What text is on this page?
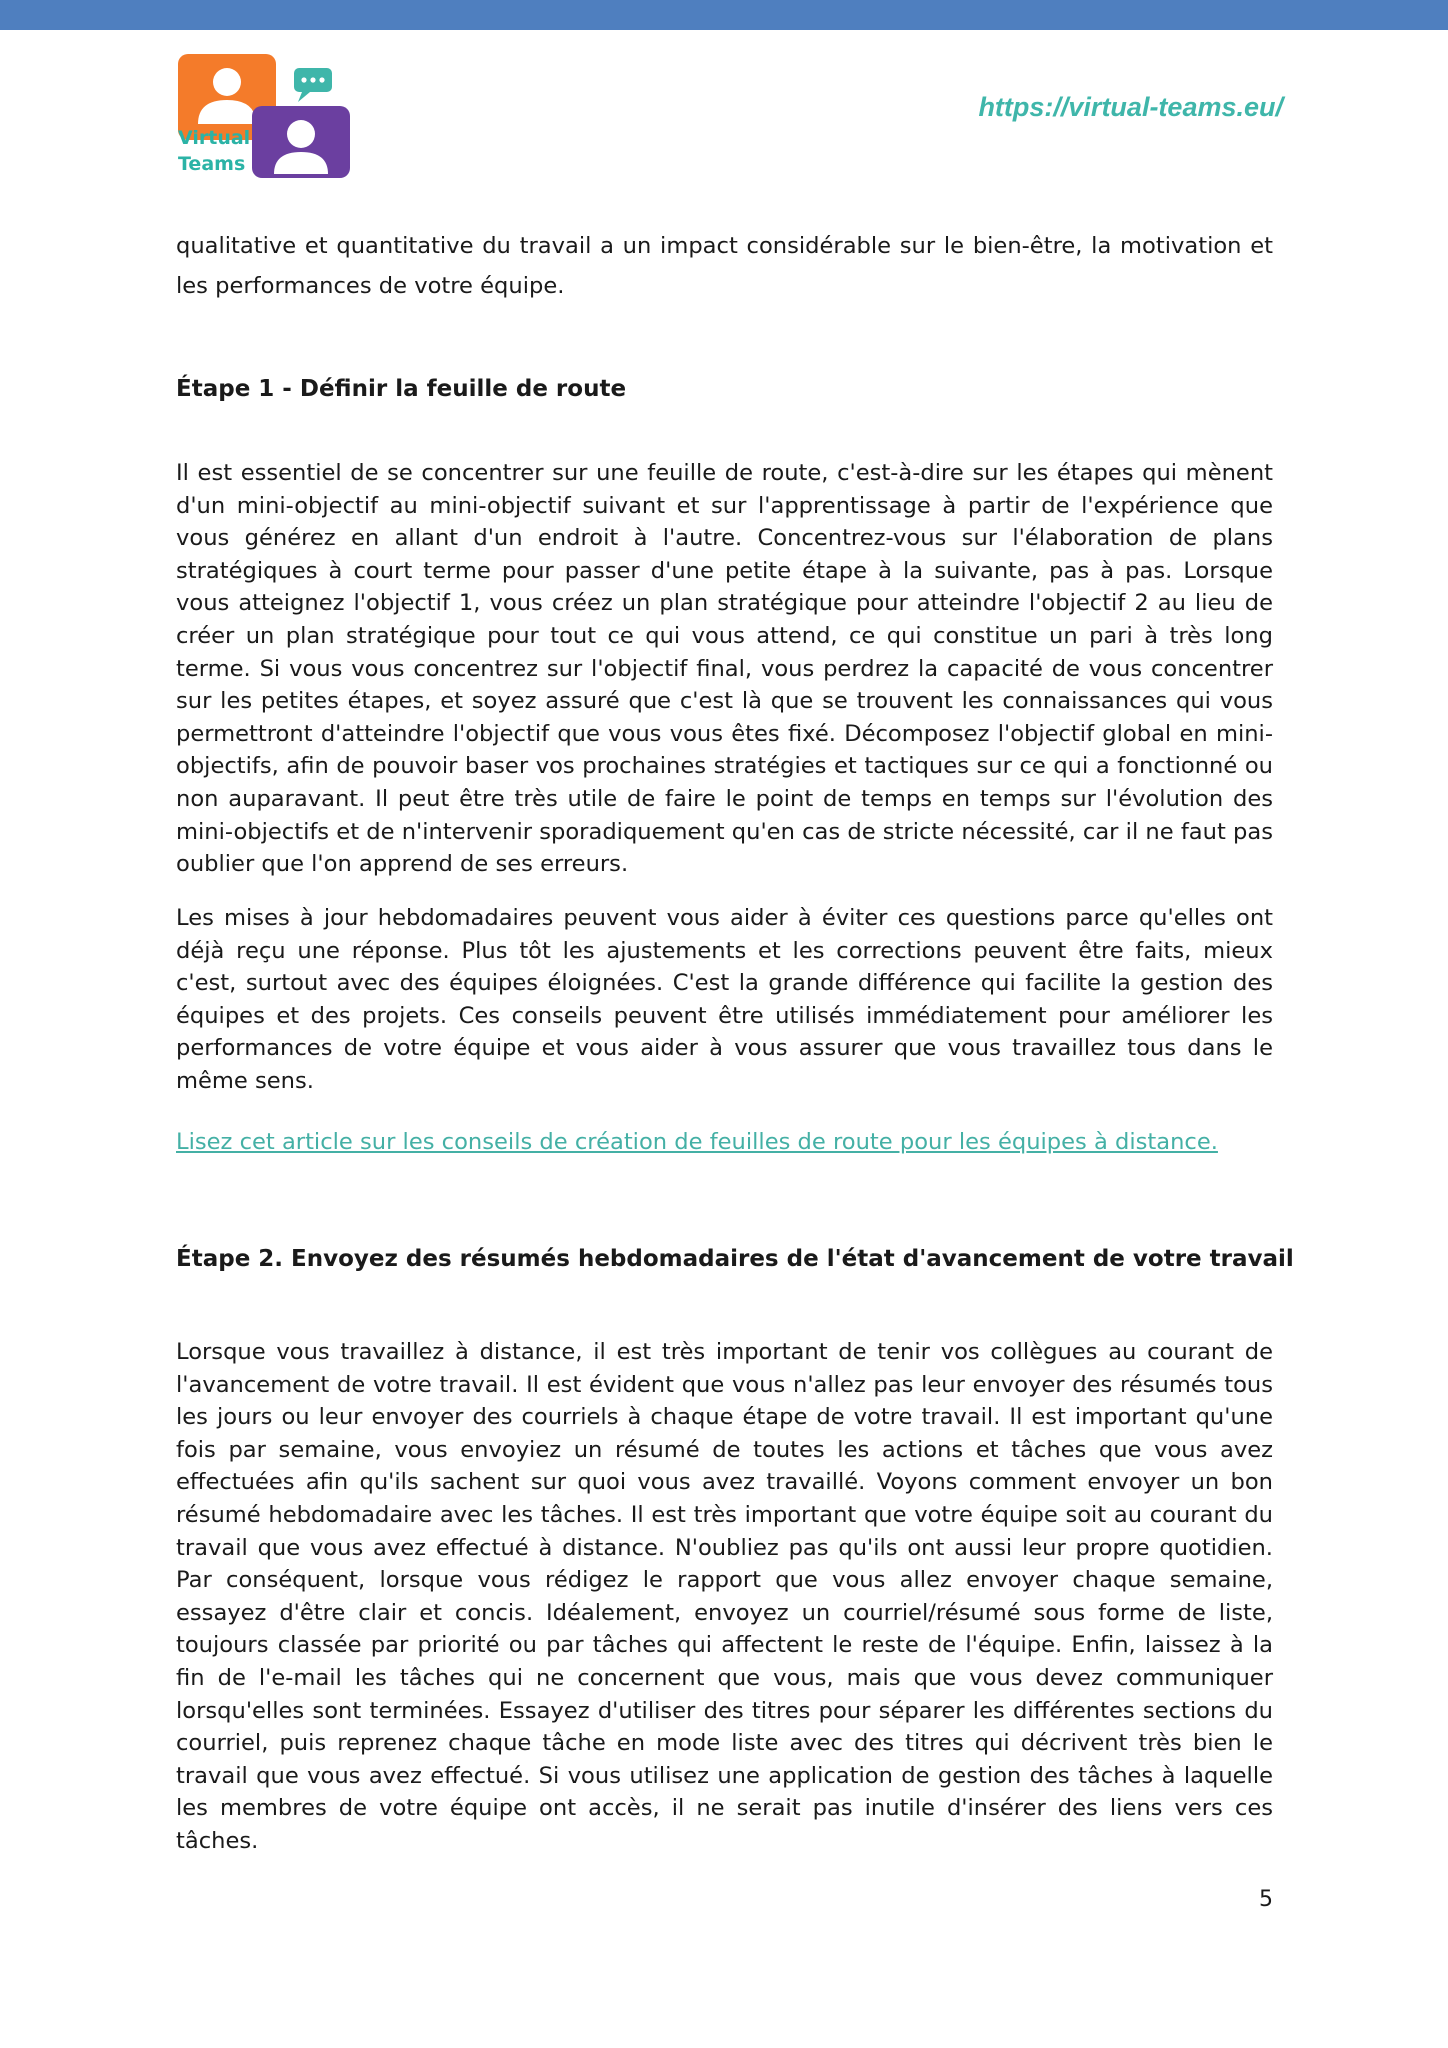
Virtual
Teams
https://virtual-teams.eu/

qualitative et quantitative du travail a un impact considérable sur le bien-être, la motivation et les performances de votre équipe.

Étape 1 - Définir la feuille de route

Il est essentiel de se concentrer sur une feuille de route, c'est-à-dire sur les étapes qui mènent d'un mini-objectif au mini-objectif suivant et sur l'apprentissage à partir de l'expérience que vous générez en allant d'un endroit à l'autre. Concentrez-vous sur l'élaboration de plans stratégiques à court terme pour passer d'une petite étape à la suivante, pas à pas. Lorsque vous atteignez l'objectif 1, vous créez un plan stratégique pour atteindre l'objectif 2 au lieu de créer un plan stratégique pour tout ce qui vous attend, ce qui constitue un pari à très long terme. Si vous vous concentrez sur l'objectif final, vous perdrez la capacité de vous concentrer sur les petites étapes, et soyez assuré que c'est là que se trouvent les connaissances qui vous permettront d'atteindre l'objectif que vous vous êtes fixé. Décomposez l'objectif global en mini-objectifs, afin de pouvoir baser vos prochaines stratégies et tactiques sur ce qui a fonctionné ou non auparavant. Il peut être très utile de faire le point de temps en temps sur l'évolution des mini-objectifs et de n'intervenir sporadiquement qu'en cas de stricte nécessité, car il ne faut pas oublier que l'on apprend de ses erreurs.

Les mises à jour hebdomadaires peuvent vous aider à éviter ces questions parce qu'elles ont déjà reçu une réponse. Plus tôt les ajustements et les corrections peuvent être faits, mieux c'est, surtout avec des équipes éloignées. C'est la grande différence qui facilite la gestion des équipes et des projets. Ces conseils peuvent être utilisés immédiatement pour améliorer les performances de votre équipe et vous aider à vous assurer que vous travaillez tous dans le même sens.

Lisez cet article sur les conseils de création de feuilles de route pour les équipes à distance.
Étape 2. Envoyez des résumés hebdomadaires de l'état d'avancement de votre travail

Lorsque vous travaillez à distance, il est très important de tenir vos collègues au courant de l'avancement de votre travail. Il est évident que vous n'allez pas leur envoyer des résumés tous les jours ou leur envoyer des courriels à chaque étape de votre travail. Il est important qu'une fois par semaine, vous envoyiez un résumé de toutes les actions et tâches que vous avez effectuées afin qu'ils sachent sur quoi vous avez travaillé. Voyons comment envoyer un bon résumé hebdomadaire avec les tâches. Il est très important que votre équipe soit au courant du travail que vous avez effectué à distance. N'oubliez pas qu'ils ont aussi leur propre quotidien. Par conséquent, lorsque vous rédigez le rapport que vous allez envoyer chaque semaine, essayez d'être clair et concis. Idéalement, envoyez un courriel/résumé sous forme de liste, toujours classée par priorité ou par tâches qui affectent le reste de l'équipe. Enfin, laissez à la fin de l'e-mail les tâches qui ne concernent que vous, mais que vous devez communiquer lorsqu'elles sont terminées. Essayez d'utiliser des titres pour séparer les différentes sections du courriel, puis reprenez chaque tâche en mode liste avec des titres qui décrivent très bien le travail que vous avez effectué. Si vous utilisez une application de gestion des tâches à laquelle les membres de votre équipe ont accès, il ne serait pas inutile d'insérer des liens vers ces tâches.

5
